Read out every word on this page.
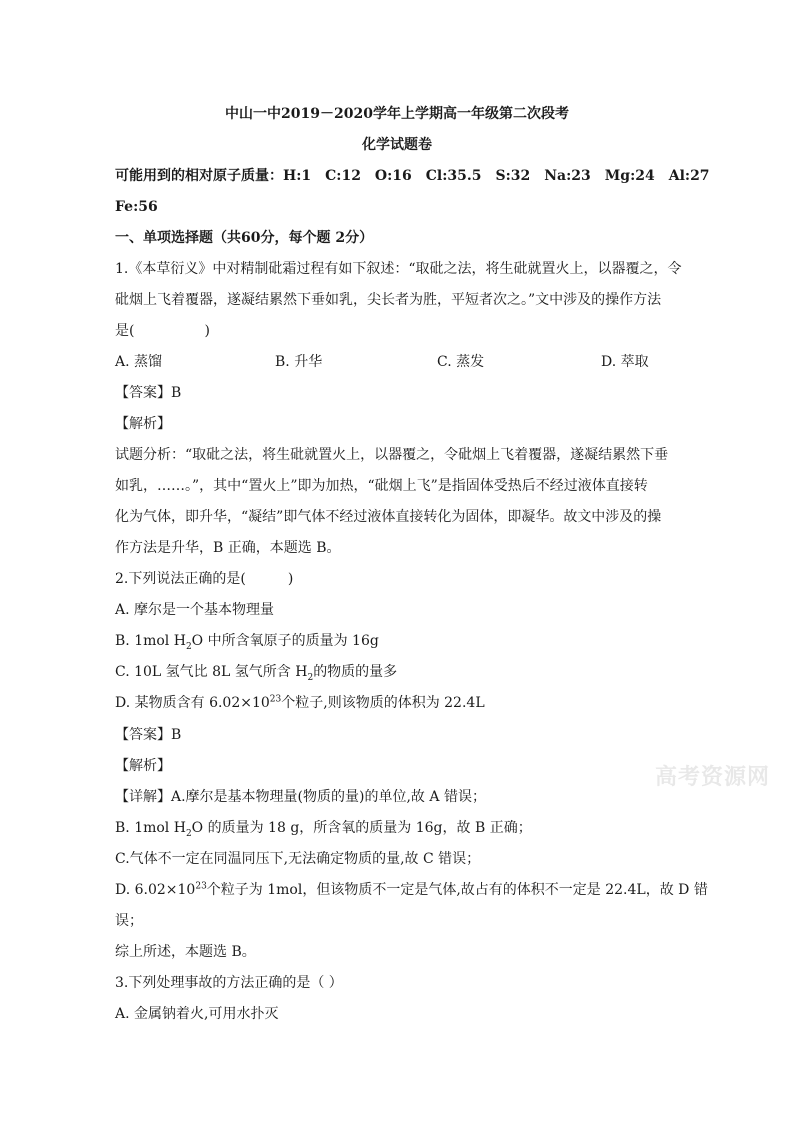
中山一中2019－2020学年上学期高一年级第二次段考
化学试题卷
可能用到的相对原子质量：H:1　C:12　O:16　Cl:35.5　S:32　Na:23　Mg:24　Al:27
Fe:56
一、单项选择题（共60分，每个题 2分）
1.《本草衍义》中对精制砒霜过程有如下叙述：“取砒之法，将生砒就置火上，以器覆之，令
砒烟上飞着覆器，遂凝结累然下垂如乳，尖长者为胜，平短者次之。”文中涉及的操作方法
是(　　　　　)
A. 蒸馏	B. 升华	C. 蒸发	D. 萃取
【答案】B
【解析】
试题分析：“取砒之法，将生砒就置火上，以器覆之，令砒烟上飞着覆器，遂凝结累然下垂
如乳，……。”，其中“置火上”即为加热，“砒烟上飞”是指固体受热后不经过液体直接转
化为气体，即升华，“凝结”即气体不经过液体直接转化为固体，即凝华。故文中涉及的操
作方法是升华，B 正确，本题选 B。
2.下列说法正确的是(　　　)
A. 摩尔是一个基本物理量
B. 1mol $H_2O$ 中所含氧原子的质量为 16g
C. 10L 氢气比 8L 氢气所含 $H_2$的物质的量多
D. 某物质含有 $6.02\times 10^{23}$个粒子,则该物质的体积为 22.4L
【答案】B
【解析】
【详解】A.摩尔是基本物理量(物质的量)的单位,故 A 错误；
B. 1mol $H_2O$ 的质量为 18 g，所含氧的质量为 16g，故 B 正确；
C.气体不一定在同温同压下,无法确定物质的量,故 C 错误；
D. $6.02\times 10^{23}$个粒子为 1mol，但该物质不一定是气体,故占有的体积不一定是 22.4L，故 D 错
误；
综上所述，本题选 B。
3.下列处理事故的方法正确的是（ ）
A. 金属钠着火,可用水扑灭
高考资源网
